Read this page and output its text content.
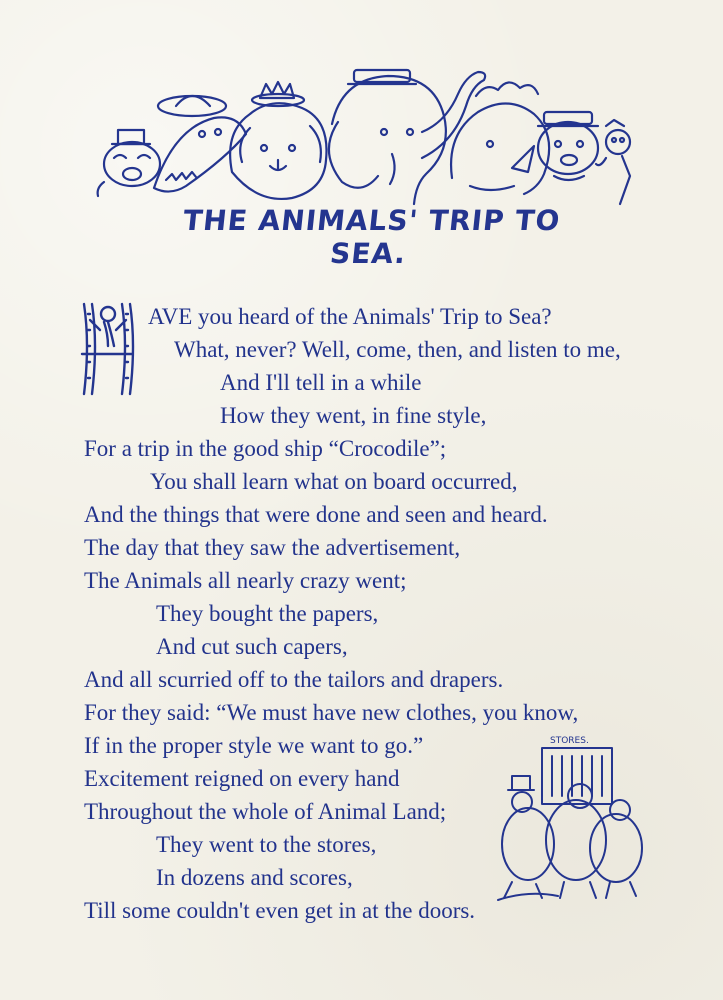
THE ANIMALS' TRIP TO SEA.
AVE you heard of the Animals' Trip to Sea?
What, never? Well, come, then, and listen to me,
And I'll tell in a while
How they went, in fine style,
For a trip in the good ship “Crocodile”;
You shall learn what on board occurred,
And the things that were done and seen and heard.
The day that they saw the advertisement,
The Animals all nearly crazy went;
They bought the papers,
And cut such capers,
And all scurried off to the tailors and drapers.
For they said: “We must have new clothes, you know,
If in the proper style we want to go.”
Excitement reigned on every hand
Throughout the whole of Animal Land;
They went to the stores,
In dozens and scores,
Till some couldn't even get in at the doors.
STORES.
